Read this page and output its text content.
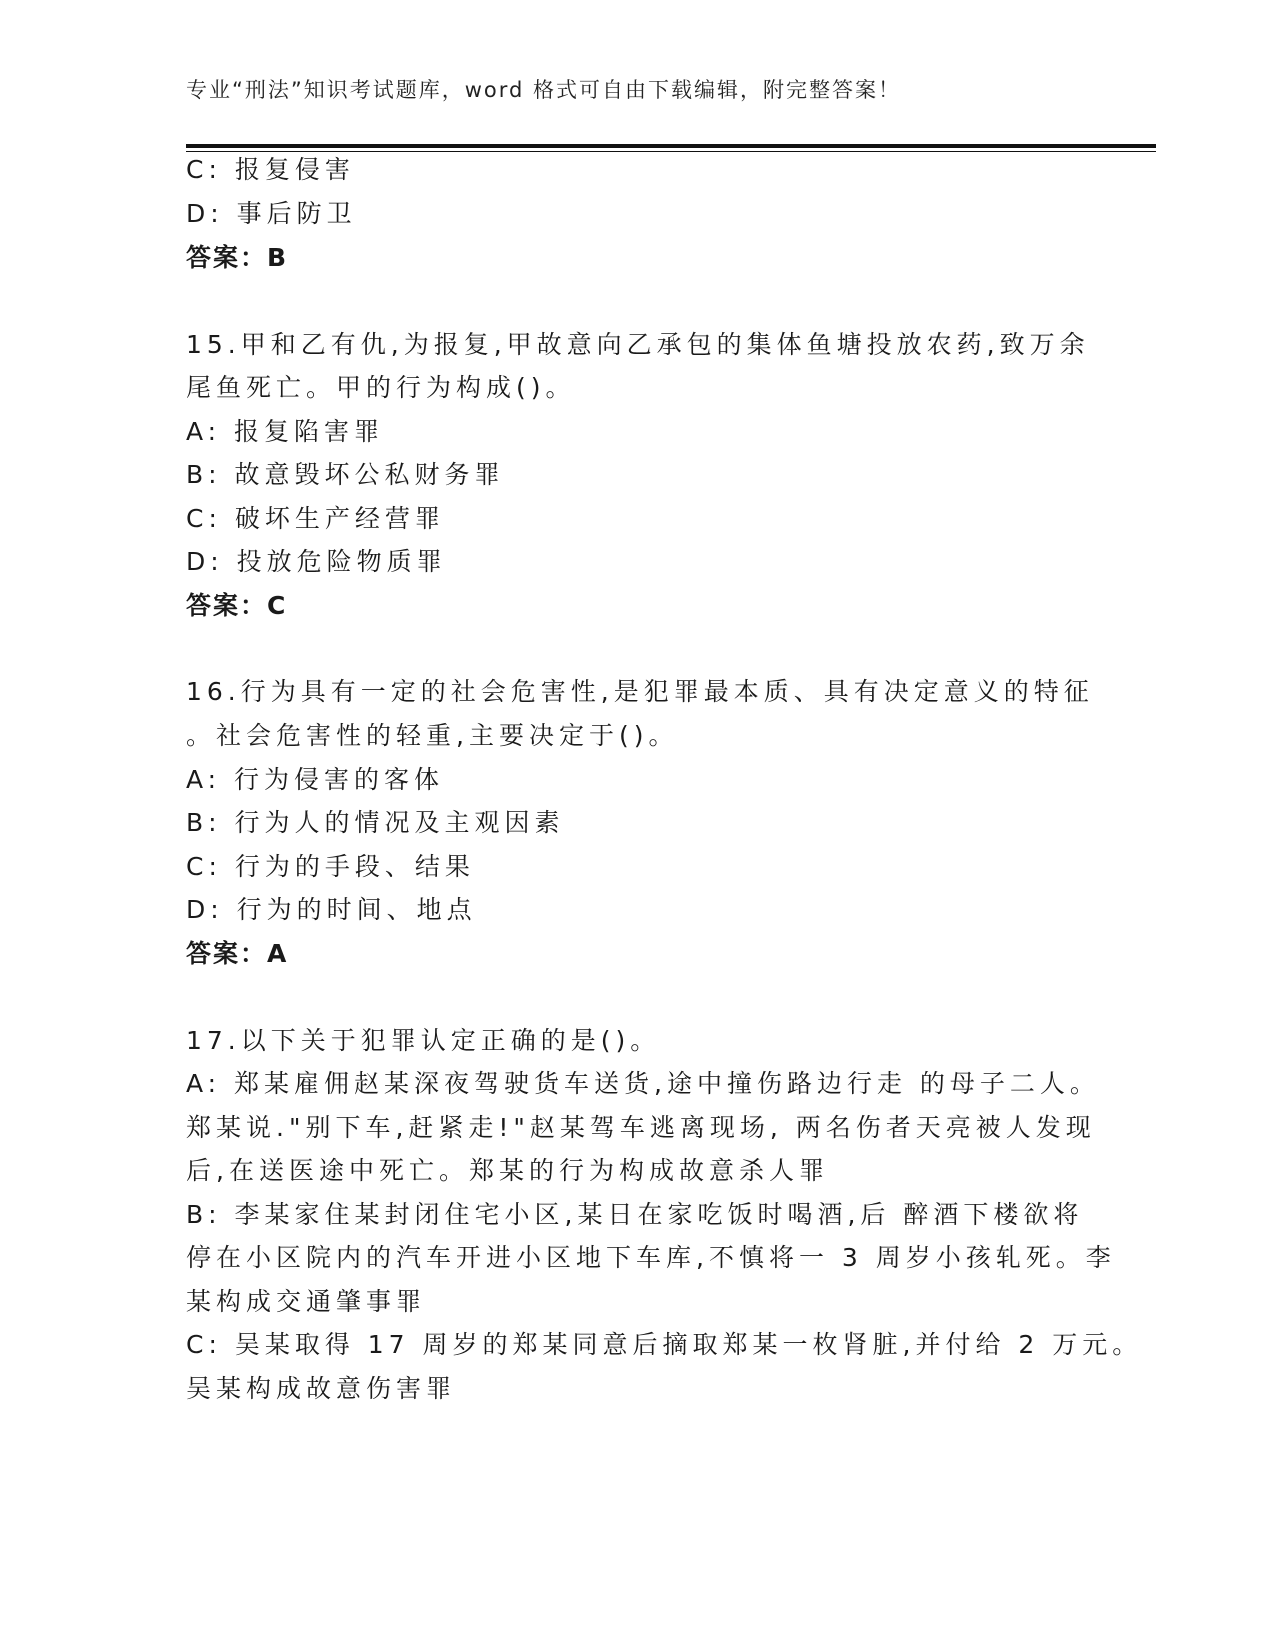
专业“刑法”知识考试题库，word 格式可自由下载编辑，附完整答案！
C: 报复侵害
D: 事后防卫
答案：B
15.甲和乙有仇,为报复,甲故意向乙承包的集体鱼塘投放农药,致万余
尾鱼死亡。甲的行为构成()。
A: 报复陷害罪
B: 故意毁坏公私财务罪
C: 破坏生产经营罪
D: 投放危险物质罪
答案：C
16.行为具有一定的社会危害性,是犯罪最本质、具有决定意义的特征
。社会危害性的轻重,主要决定于()。
A: 行为侵害的客体
B: 行为人的情况及主观因素
C: 行为的手段、结果
D: 行为的时间、地点
答案：A
17.以下关于犯罪认定正确的是()。
A: 郑某雇佣赵某深夜驾驶货车送货,途中撞伤路边行走 的母子二人。
郑某说."别下车,赶紧走!"赵某驾车逃离现场, 两名伤者天亮被人发现
后,在送医途中死亡。郑某的行为构成故意杀人罪
B: 李某家住某封闭住宅小区,某日在家吃饭时喝酒,后 醉酒下楼欲将
停在小区院内的汽车开进小区地下车库,不慎将一 3 周岁小孩轧死。李
某构成交通肇事罪
C: 吴某取得 17 周岁的郑某同意后摘取郑某一枚肾脏,并付给 2 万元。
吴某构成故意伤害罪
